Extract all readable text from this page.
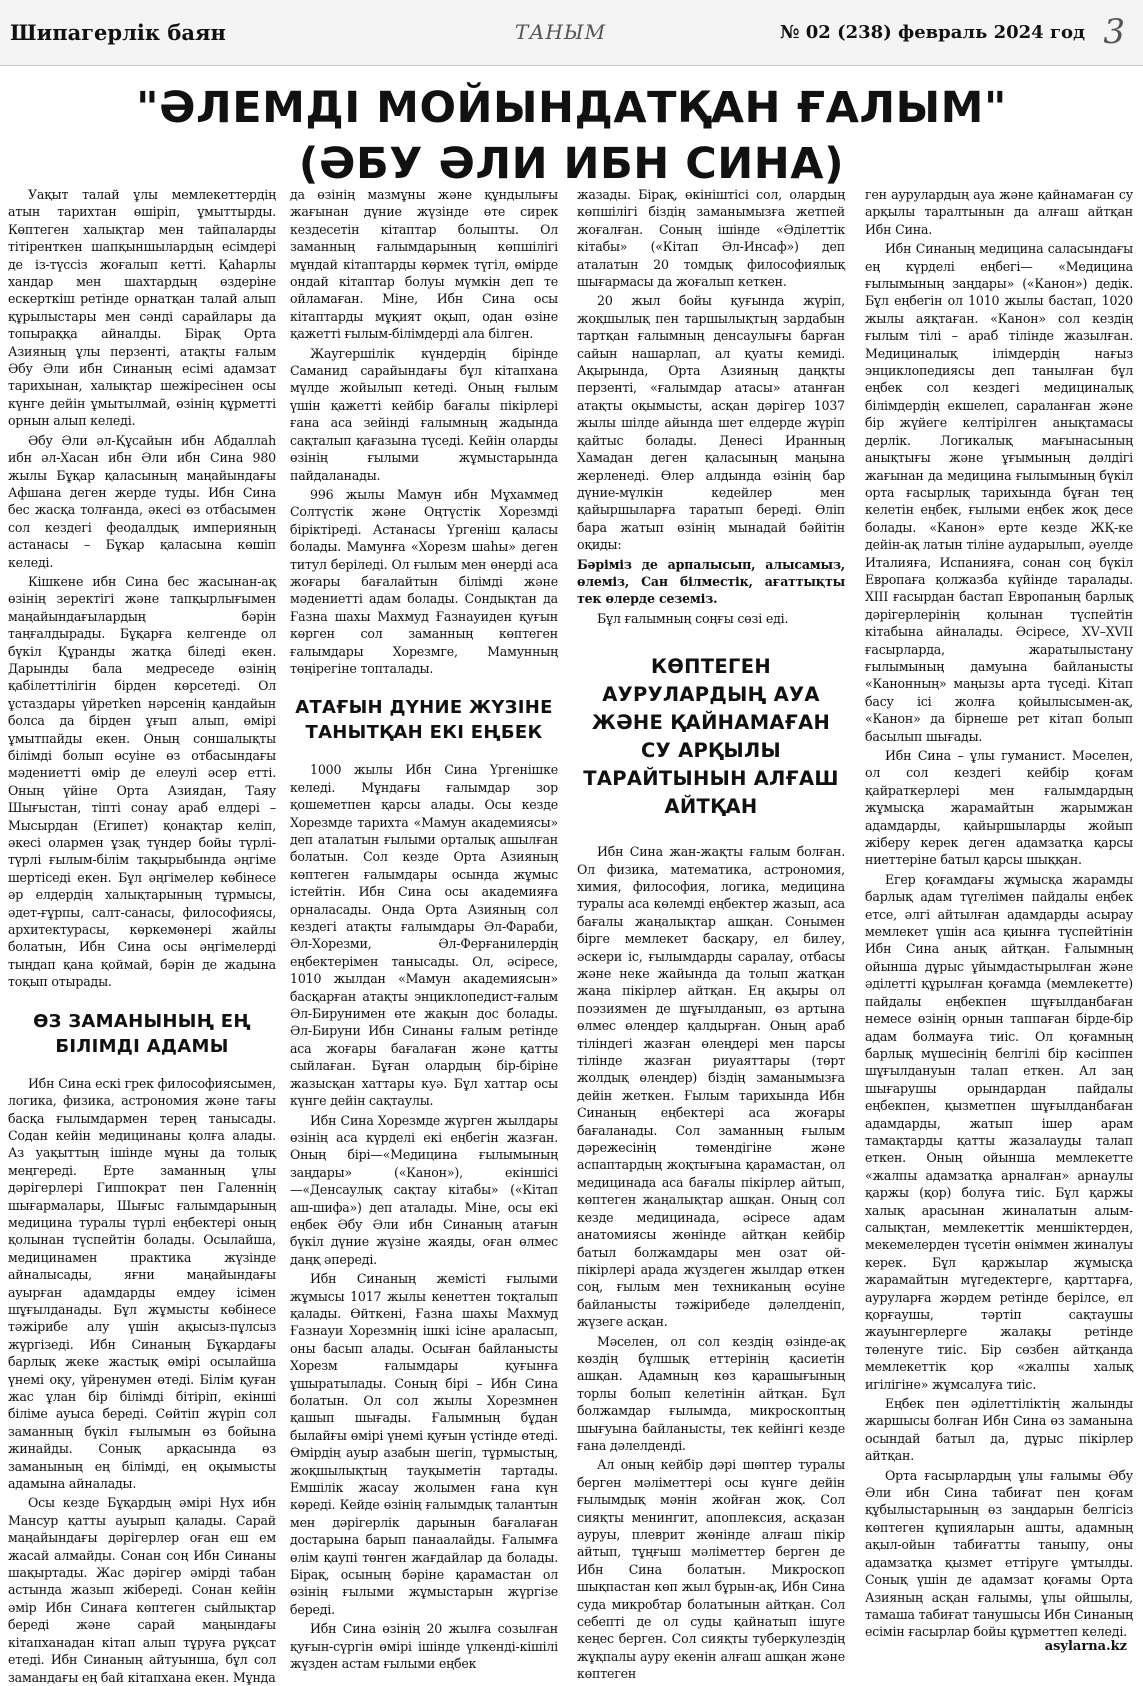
Шипагерлік баян	ТАНЫМ	№ 02 (238) февраль 2024 год 3
"ӘЛЕМДІ МОЙЫНДАТҚАН ҒАЛЫМ"
(ӘБУ ӘЛИ ИБН СИНА)

Уақыт талай ұлы мемлекеттердің атын тарихтан өшіріп, ұмыттырды. Көптеген халықтар мен тайпаларды тітіренткен шапқыншылардың есімдері де із-түссіз жоғалып кетті. Қаһарлы хандар мен шахтардың өздеріне ескерткіш ретінде орнатқан талай алып құрылыстары мен сәнді сарайлары да топыраққа айналды. Бірақ Орта Азияның ұлы перзенті, атақты ғалым Әбу Әли ибн Синаның есімі адамзат тарихынан, халықтар шежіресінен осы күнге дейін ұмытылмай, өзінің құрметті орнын алып келеді.

Әбу Әли әл-Құсайын ибн Абдаллаһ ибн әл-Хасан ибн Әли ибн Сина 980 жылы Бұқар қаласының маңайындағы Афшана деген жерде туды. Ибн Сина бес жасқа толғанда, әкесі өз отбасымен сол кездегі феодалдық империяның астанасы – Бұқар қаласына көшіп келеді.

Кішкене ибн Сина бес жасынан-ақ өзінің зеректігі және тапқырлығымен маңайындағылардың бәрін таңғалдырады. Бұқарға келгенде ол бүкіл Құранды жатқа біледі екен. Дарынды бала медреседе өзінің қабілеттілігін бірден көрсетеді. Ол ұстаздары үйретken нәрсенің қандайын болса да бірден ұғып алып, өмірі ұмытпайды екен. Оның соншалықты білімді болып өсуіне өз отбасындағы мәдениетті өмір де елеулі әсер етті. Оның үйіне Орта Азиядан, Таяу Шығыстан, тіпті сонау араб елдері – Мысырдан (Египет) қонақтар келіп, әкесі олармен ұзақ түндер бойы түрлі-түрлі ғылым-білім тақырыбында әңгіме шертіседі екен. Бұл әңгімелер көбінесе әр елдердің халықтарының тұрмысы, әдет-ғұрпы, салт-санасы, философиясы, архитектурасы, көркемөнері жайлы болатын, Ибн Сина осы әңгімелерді тыңдап қана қоймай, бәрін де жадына тоқып отырады.

ӨЗ ЗАМАНЫНЫҢ ЕҢ БІЛІМДІ АДАМЫ

Ибн Сина ескі грек философиясымен, логика, физика, астрономия және тағы басқа ғылымдармен терең танысады. Содан кейін медицинаны қолға алады. Аз уақыттың ішінде мұны да толық меңгереді. Ерте заманның ұлы дәрігерлері Гиппократ пен Галеннің шығармалары, Шығыс ғалымдарының медицина туралы түрлі еңбектері оның қолынан түспейтін болады. Осылайша, медицинамен практика жүзінде айналысады, яғни маңайындағы ауырған адамдарды емдеу ісімен шұғылданады. Бұл жұмысты көбінесе тәжірибе алу үшін ақысыз-пұлсыз жүргізеді. Ибн Синаның Бұқардағы барлық жеке жастық өмірі осылайша үнемі оқу, үйренумен өтеді. Білім қуған жас ұлан бір білімді бітіріп, екінші біліме ауыса береді. Сөйтіп жүріп сол заманның бүкіл ғылымын өз бойына жинайды. Сонық арқасында өз заманының ең білімді, ең оқымысты адамына айналады.

Осы кезде Бұқардың әмірі Нух ибн Мансур қатты ауырып қалады. Сарай маңайындағы дәрігерлер оған еш ем жасай алмайды. Сонан соң Ибн Синаны шақыртады. Жас дәрігер әмірді табан астында жазып жібереді. Сонан кейін әмір Ибн Синаға көптеген сыйлықтар береді және сарай маңындағы кітапханадан кітап алып тұруға рұқсат етеді. Ибн Синаның айтуынша, бұл сол замандағы ең бай кітапхана екен. Мұнда

да өзінің мазмұны және құндылығы жағынан дүние жүзінде өте сирек кездесетін кітаптар болыпты. Ол заманның ғалымдарының көпшілігі мұндай кітаптарды көрмек түгіл, өмірде ондай кітаптар болуы мүмкін деп те ойламаған. Міне, Ибн Сина осы кітаптарды мұқият оқып, одан өзіне қажетті ғылым-білімдерді ала білген.

Жаугершілік күндердің бірінде Саманид сарайындағы бұл кітапхана мүлде жойылып кетеді. Оның ғылым үшін қажетті кейбір бағалы пікірлері ғана аса зейінді ғалымның жадында сақталып қағазына түседі. Кейін оларды өзінің ғылыми жұмыстарында пайдаланады.

996 жылы Мамун ибн Мұхаммед Солтүстік және Оңтүстік Хорезмді біріктіреді. Астанасы Үргеніш қаласы болады. Мамунға «Хорезм шаһы» деген титул беріледі. Ол ғылым мен өнерді аса жоғары бағалайтын білімді және мәдениетті адам болады. Сондықтан да Ғазна шахы Махмуд Ғазнауиден қуғын көрген сол заманның көптеген ғалымдары Хорезмге, Мамунның төңірегіне топталады.

АТАҒЫН ДҮНИЕ ЖҮЗІНЕ ТАНЫТҚАН ЕКІ ЕҢБЕК

1000 жылы Ибн Сина Үргенішке келеді. Мұндағы ғалымдар зор қошеметпен қарсы алады. Осы кезде Хорезмде тарихта «Мамун академиясы» деп аталатын ғылыми орталық ашылған болатын. Сол кезде Орта Азияның көптеген ғалымдары осында жұмыс істейтін. Ибн Сина осы академияға орналасады. Онда Орта Азияның сол кездегі атақты ғалымдары Әл-Фараби, Әл-Хорезми, Әл-Ферғанилердің еңбектерімен танысады. Ол, әсіресе, 1010 жылдан «Мамун академиясын» басқарған атақты энциклопедист-ғалым Әл-Бирунимен өте жақын дос болады. Әл-Бируни Ибн Синаны ғалым ретінде аса жоғары бағалаған және қатты сыйлаған. Бұған олардың бір-біріне жазысқан хаттары куә. Бұл хаттар осы күнге дейін сақтаулы.

Ибн Сина Хорезмде жүрген жылдары өзінің аса күрделі екі еңбегін жазған. Оның бірі—«Медицина ғылымының заңдары» («Канон»), екіншісі—«Денсаулық сақтау кітабы» («Кітап аш-шифа») деп аталады. Міне, осы екі еңбек Әбу Әли ибн Синаның атағын бүкіл дүние жүзіне жаяды, оған өлмес даңқ әпереді.

Ибн Синаның жемісті ғылыми жұмысы 1017 жылы кенеттен тоқталып қалады. Өйткені, Ғазна шахы Махмуд Ғазнауи Хорезмнің ішкі ісіне араласып, оны басып алады. Осыған байланысты Хорезм ғалымдары қуғынға ұшыратылады. Соның бірі – Ибн Сина болатын. Ол сол жылы Хорезмнен қашып шығады. Ғалымның бұдан былайғы өмірі үнемі қуғын үстінде өтеді. Өмірдің ауыр азабын шегіп, тұрмыстың, жоқшылықтың тауқыметін тартады. Емшілік жасау жолымен ғана күн көреді. Кейде өзінің ғалымдық талантын мен дәрігерлік дарынын бағалаған достарына барып панаалайды. Ғалымға өлім қаупі төнген жағдайлар да болады. Бірақ, осының бәріне қарамастан ол өзінің ғылыми жұмыстарын жүргізе береді.

Ибн Сина өзінің 20 жылға созылған қуғын-сүргін өмірі ішінде үлкенді-кішілі жүзден астам ғылыми еңбек

жазады. Бірақ, өкініштісі сол, олардың көпшілігі біздің заманымызға жетпей жоғалған. Соның ішінде «Әділеттік кітабы» («Кітап Әл-Инсаф») деп аталатын 20 томдық философиялық шығармасы да жоғалып кеткен.

20 жыл бойы қуғында жүріп, жоқшылық пен таршылықтың зардабын тартқан ғалымның денсаулығы барған сайын нашарлап, ал қуаты кемиді. Ақырында, Орта Азияның даңқты перзенті, «ғалымдар атасы» атанған атақты оқымысты, асқан дәрігер 1037 жылы шілде айында шет елдерде жүріп қайтыс болады. Денесі Иранның Хамадан деген қаласының маңына жерленеді. Өлер алдында өзінің бар дүние-мүлкін кедейлер мен қайыршыларға таратып береді. Өліп бара жатып өзінің мынадай бәйітін оқиды:

Бәріміз де арпалысып, алысамыз, өлеміз, Сан білместік, ағаттықты тек өлерде сеземіз.

Бұл ғалымның соңғы сөзі еді.

КӨПТЕГЕН АУРУЛАРДЫҢ АУА ЖӘНЕ ҚАЙНАМАҒАН СУ АРҚЫЛЫ ТАРАЙТЫНЫН АЛҒАШ АЙТҚАН

Ибн Сина жан-жақты ғалым болған. Ол физика, математика, астрономия, химия, философия, логика, медицина туралы аса көлемді еңбектер жазып, аса бағалы жаңалықтар ашқан. Сонымен бірге мемлекет басқару, ел билеу, әскери іс, ғылымдарды саралау, отбасы және неке жайында да толып жатқан жаңа пікірлер айтқан. Ең ақыры ол поэзиямен де шұғылданып, өз артына өлмес өлеңдер қалдырған. Оның араб тіліндегі жазған өлеңдері мен парсы тілінде жазған риуаяттары (төрт жолдық өлеңдер) біздің заманымызға дейін жеткен. Ғылым тарихында Ибн Синаның еңбектері аса жоғары бағаланады. Сол заманның ғылым дәрежесінің төмендігіне және аспаптардың жоқтығына қарамастан, ол медицинада аса бағалы пікірлер айтып, көптеген жаңалықтар ашқан. Оның сол кезде медицинада, әсіресе адам анатомиясы жөнінде айтқан кейбір батыл болжамдары мен озат ой-пікірлері арада жүздеген жылдар өткен соң, ғылым мен техниканың өсуіне байланысты тәжірибеде дәлелденіп, жүзеге асқан.

Мәселен, ол сол кездің өзінде-ақ көздің бұлшық еттерінің қасиетін ашқан. Адамның көз қарашығының торлы болып келетінін айтқан. Бұл болжамдар ғылымда, микроскоптың шығуына байланысты, тек кейінгі кезде ғана дәлелденді.

Ал оның кейбір дәрі шөптер туралы берген мәліметтері осы күнге дейін ғылымдық мәнін жойған жоқ. Сол сияқты менингит, апоплексия, асқазан ауруы, плеврит жөнінде алғаш пікір айтып, тұңғыш мәліметтер берген де Ибн Сина болатын. Микроскоп шықпастан көп жыл бұрын-ақ, Ибн Сина суда микробтар болатынын айтқан. Сол себепті де ол суды қайнатып ішуге кеңес берген. Сол сияқты туберкулездің жұқпалы ауру екенін алғаш ашқан және көптеген

ген аурулардың ауа және қайнамаған су арқылы таралтынын да алғаш айтқан Ибн Сина.

Ибн Синаның медицина саласындағы ең күрделі еңбегі— «Медицина ғылымының заңдары» («Канон») дедік. Бұл еңбегін ол 1010 жылы бастап, 1020 жылы аяқтаған. «Канон» сол кездің ғылым тілі – араб тілінде жазылған. Медициналық ілімдердің нағыз энциклопедиясы деп танылған бұл еңбек сол кездегі медициналық білімдердің екшелеп, сараланған және бір жүйеге келтірілген анықтамасы дерлік. Логикалық мағынасының анықтығы және ұғымының дәлдігі жағынан да медицина ғылымының бүкіл орта ғасырлық тарихында бұған тең келетін еңбек, ғылыми еңбек жоқ десе болады. «Канон» ерте кезде ЖҚ-ке дейін-ақ латын тіліне аударылып, әуелде Италияға, Испанияға, сонан соң бүкіл Европаға қолжазба күйінде таралады. XIII ғасырдан бастап Европаның барлық дәрігерлерінің қолынан түспейтін кітабына айналады. Әсіресе, XV–XVII ғасырларда, жаратылыстану ғылымының дамуына байланысты «Канонның» маңызы арта түседі. Кітап басу ісі жолға қойылысымен-ақ, «Канон» да бірнеше рет кітап болып басылып шығады.

Ибн Сина – ұлы гуманист. Мәселен, ол сол кездегі кейбір қоғам қайраткерлері мен ғалымдардың жұмысқа жарамайтын жарымжан адамдарды, қайыршыларды жойып жіберу керек деген адамзатқа қарсы ниеттеріне батыл қарсы шыққан.

Егер қоғамдағы жұмысқа жарамды барлық адам түгелімен пайдалы еңбек етсе, әлгі айтылған адамдарды асырау мемлекет үшін аса қиынға түспейтінін Ибн Сина анық айтқан. Ғалымның ойынша дұрыс ұйымдастырылған және әділетті құрылған қоғамда (мемлекетте) пайдалы еңбекпен шұғылданбаған немесе өзінің орнын таппаған бірде-бір адам болмауға тиіс. Ол қоғамның барлық мүшесінің белгілі бір кәсіппен шұғылдануын талап еткен. Ал заң шығарушы орындардан пайдалы еңбекпен, қызметпен шұғылданбаған адамдарды, жатып ішер арам тамақтарды қатты жазалауды талап еткен. Оның ойынша мемлекетте «жалпы адамзатқа арналған» арнаулы қаржы (қор) болуға тиіс. Бұл қаржы халық арасынан жиналатын алым-салықтан, мемлекеттік меншіктерден, мекемелерден түсетін өніммен жиналуы керек. Бұл қаржылар жұмысқа жарамайтын мүгедектерге, қарттарға, ауруларға жәрдем ретінде берілсе, ел қорғаушы, тәртіп сақтаушы жауынгерлерге жалақы ретінде төленуге тиіс. Бір сөзбен айтқанда мемлекеттік қор «жалпы халық игілігіне» жұмсалуға тиіс.

Еңбек пен әділеттіліктің жалынды жаршысы болған Ибн Сина өз заманына осындай батыл да, дұрыс пікірлер айтқан.

Орта ғасырлардың ұлы ғалымы Әбу Әли ибн Сина табиғат пен қоғам құбылыстарының өз заңдарын белгісіз көптеген құпияларын ашты, адамның ақыл-ойын табиғатты таныпу, оны адамзатқа қызмет еттіруге ұмтылды. Сонық үшін де адамзат қоғамы Орта Азияның асқан ғалымы, ұлы ойшылы, тамаша табиғат танушысы Ибн Синаның есімін ғасырлар бойы құрметтеп келеді.

asylarna.kz
